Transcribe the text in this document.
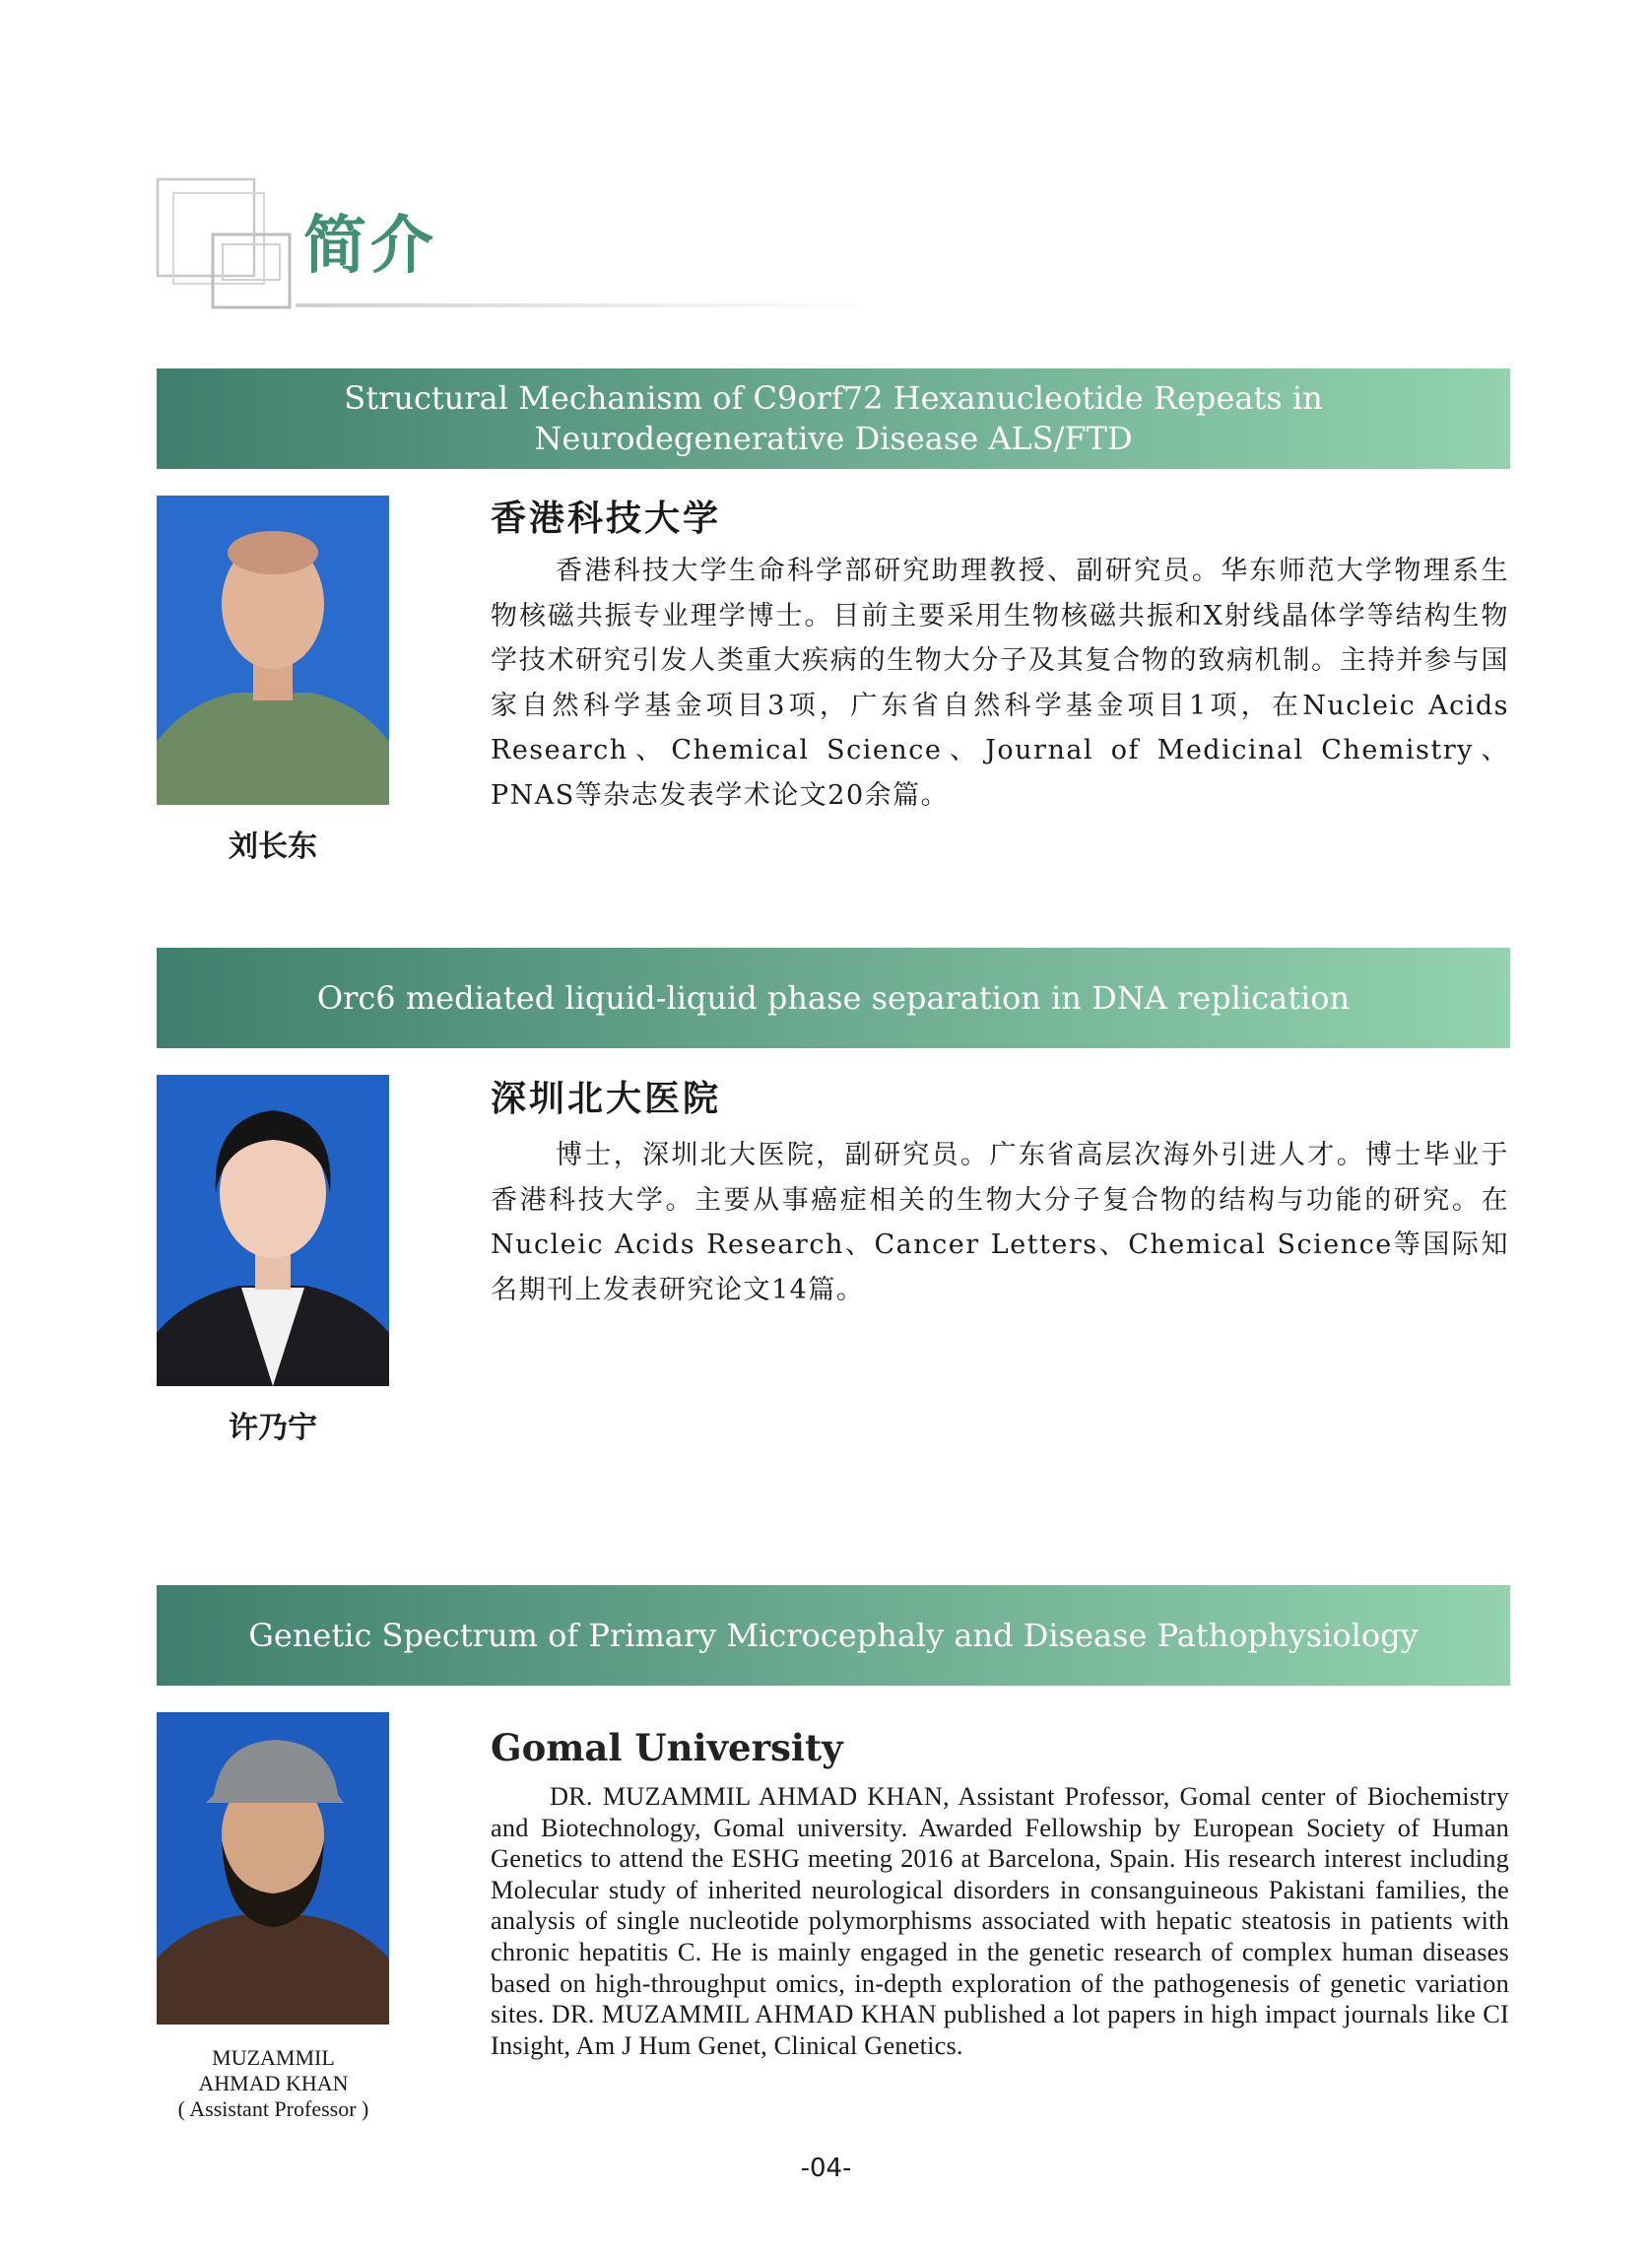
简介
Structural Mechanism of C9orf72 Hexanucleotide Repeats in Neurodegenerative Disease ALS/FTD
刘长东
香港科技大学

香港科技大学生命科学部研究助理教授、副研究员。华东师范大学物理系生物核磁共振专业理学博士。目前主要采用生物核磁共振和X射线晶体学等结构生物学技术研究引发人类重大疾病的生物大分子及其复合物的致病机制。主持并参与国家自然科学基金项目3项，广东省自然科学基金项目1项，在Nucleic Acids Research、Chemical Science、Journal of Medicinal Chemistry、PNAS等杂志发表学术论文20余篇。

Orc6 mediated liquid-liquid phase separation in DNA replication
许乃宁
深圳北大医院

博士，深圳北大医院，副研究员。广东省高层次海外引进人才。博士毕业于香港科技大学。主要从事癌症相关的生物大分子复合物的结构与功能的研究。在Nucleic Acids Research、Cancer Letters、Chemical Science等国际知名期刊上发表研究论文14篇。

Genetic Spectrum of Primary Microcephaly and Disease Pathophysiology
MUZAMMIL
AHMAD KHAN
( Assistant Professor )
Gomal University

DR. MUZAMMIL AHMAD KHAN, Assistant Professor, Gomal center of Biochemistry and Biotechnology, Gomal university. Awarded Fellowship by European Society of Human Genetics to attend the ESHG meeting 2016 at Barcelona, Spain. His research interest including Molecular study of inherited neurological disorders in consanguineous Pakistani families, the analysis of single nucleotide polymorphisms associated with hepatic steatosis in patients with chronic hepatitis C. He is mainly engaged in the genetic research of complex human diseases based on high-throughput omics, in-depth exploration of the pathogenesis of genetic variation sites. DR. MUZAMMIL AHMAD KHAN published a lot papers in high impact journals like CI Insight, Am J Hum Genet, Clinical Genetics.

-04-
